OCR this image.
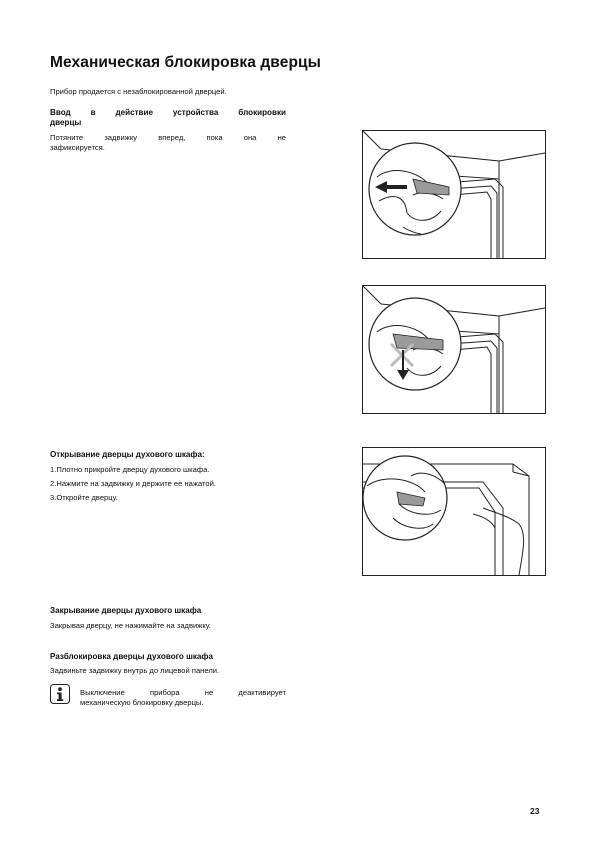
Механическая блокировка дверцы
Прибор продается с незаблокированной дверцей.
Ввод в действие устройства блокировки
дверцы
Потяните задвижку вперед, пока она не
зафиксируется.
Открывание дверцы духового шкафа:
1.Плотно прикройте дверцу духового шкафа.
2.Нажмите на задвижку и держите ее нажатой.
3.Откройте дверцу.
Закрывание дверцы духового шкафа
Закрывая дверцу, не нажимайте на задвижку.
Разблокировка дверцы духового шкафа
Задвиньте задвижку внутрь до лицевой панели.
Выключение прибора не деактивирует
механическую блокировку дверцы.
23
